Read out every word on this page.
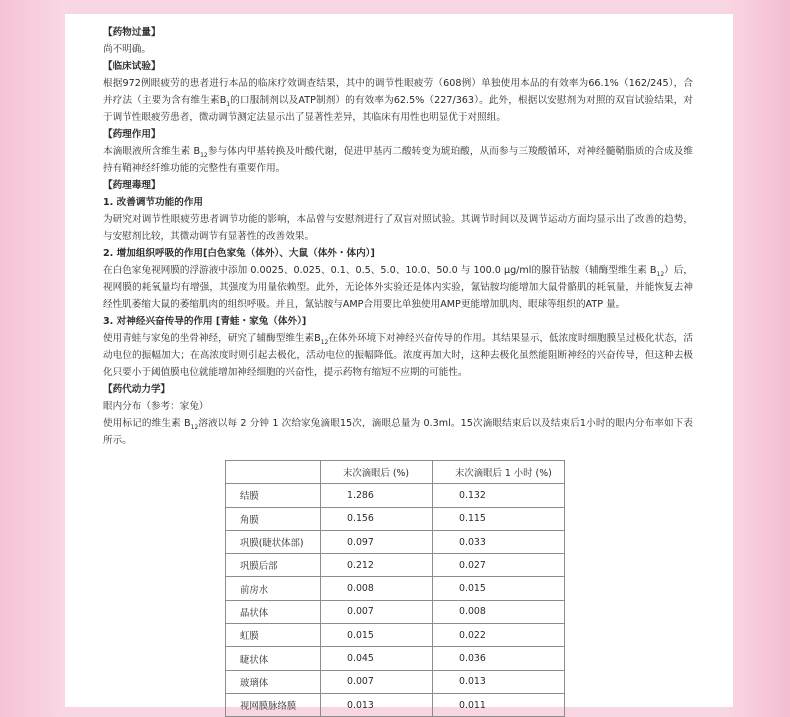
【药物过量】

尚不明确。

【临床试验】

根据972例眼疲劳的患者进行本品的临床疗效调查结果，其中的调节性眼疲劳（608例）单独使用本品的有效率为66.1%（162/245），合并疗法（主要为含有维生素$B_1$的口服制剂以及ATP制剂）的有效率为62.5%（227/363）。此外，根据以安慰剂为对照的双盲试验结果，对于调节性眼疲劳患者，微动调节测定法显示出了显著性差异，其临床有用性也明显优于对照组。

【药理作用】

本滴眼液所含维生素 $B_{12}$参与体内甲基转换及叶酸代谢，促进甲基丙二酸转变为琥珀酸，从而参与三羧酸循环，对神经髓鞘脂质的合成及维持有鞘神经纤维功能的完整性有重要作用。

【药理毒理】

1. 改善调节功能的作用

为研究对调节性眼疲劳患者调节功能的影响，本品曾与安慰剂进行了双盲对照试验。其调节时间以及调节运动方面均显示出了改善的趋势，与安慰剂比较，其微动调节有显著性的改善效果。

2. 增加组织呼吸的作用[白色家兔（体外）、大鼠（体外・体内）]

在白色家兔视网膜的浮游液中添加 0.0025、0.025、0.1、0.5、5.0、10.0、50.0 与 100.0 μg/ml的腺苷钴胺（辅酶型维生素 $B_{12}$）后，视网膜的耗氧量均有增强，其强度为用量依赖型。此外，无论体外实验还是体内实验，氰钴胺均能增加大鼠骨骼肌的耗氧量，并能恢复去神经性肌萎缩大鼠的萎缩肌肉的组织呼吸。并且，氰钴胺与AMP合用要比单独使用AMP更能增加肌肉、眼球等组织的ATP 量。

3. 对神经兴奋传导的作用 [青蛙・家兔（体外）]

使用青蛙与家兔的坐骨神经，研究了辅酶型维生素$B_{12}$在体外环境下对神经兴奋传导的作用。其结果显示，低浓度时细胞膜呈过极化状态，活动电位的振幅加大；在高浓度时则引起去极化，活动电位的振幅降低。浓度再加大时，这种去极化虽然能阻断神经的兴奋传导，但这种去极化只要小于阈值膜电位就能增加神经细胞的兴奋性，提示药物有缩短不应期的可能性。

【药代动力学】

眼内分布（参考：家兔）

使用标记的维生素 $B_{12}$溶液以每 2 分钟 1 次给家兔滴眼15次，滴眼总量为 0.3ml。15次滴眼结束后以及结束后1小时的眼内分布率如下表所示。

	末次滴眼后 (%)	末次滴眼后 1 小时 (%)
结膜	1.286	0.132
角膜	0.156	0.115
巩膜(睫状体部)	0.097	0.033
巩膜后部	0.212	0.027
前房水	0.008	0.015
晶状体	0.007	0.008
虹膜	0.015	0.022
睫状体	0.045	0.036
玻璃体	0.007	0.013
视网膜脉络膜	0.013	0.011
